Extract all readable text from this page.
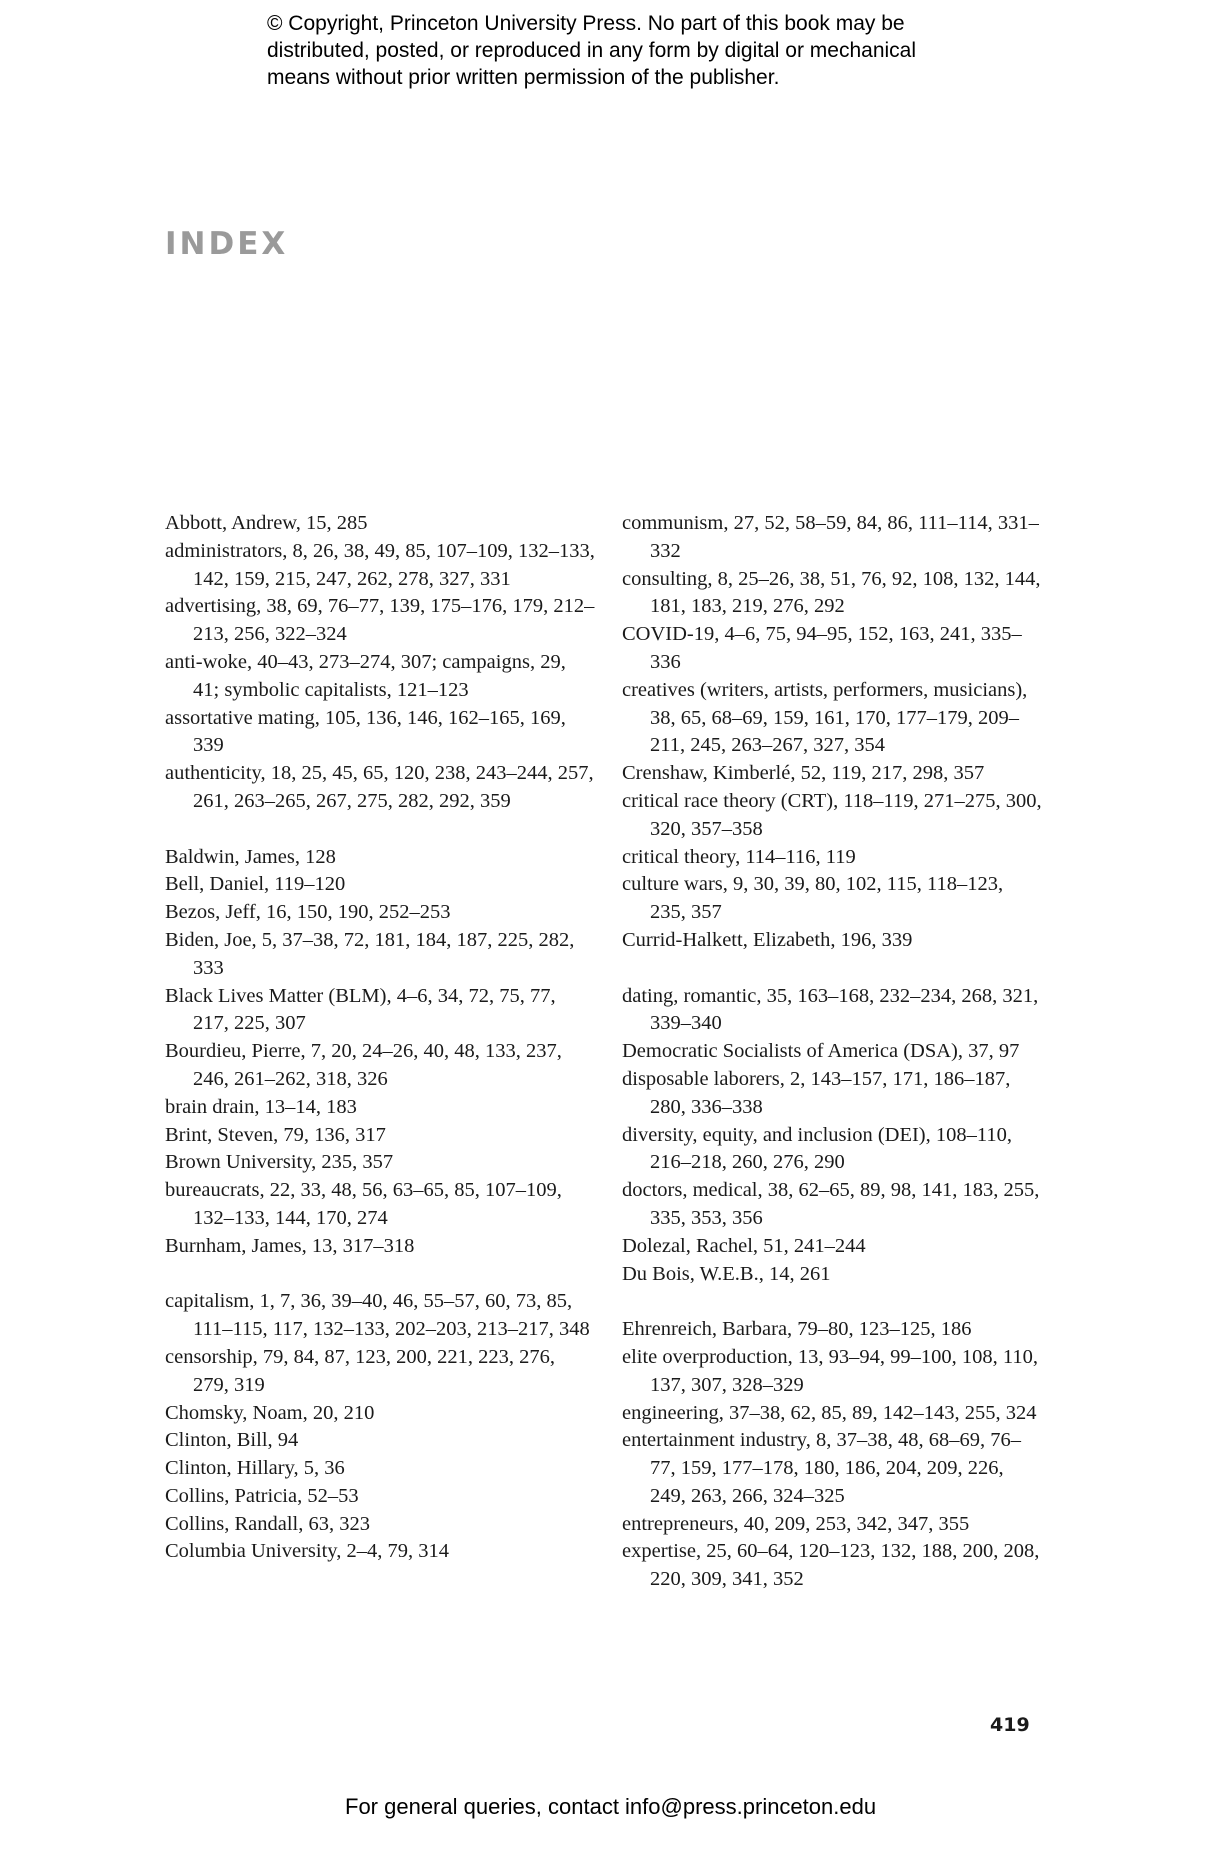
© Copyright, Princeton University Press. No part of this book may be
distributed, posted, or reproduced in any form by digital or mechanical
means without prior written permission of the publisher.
INDEX
Abbott, Andrew, 15, 285
administrators, 8, 26, 38, 49, 85, 107–109, 132–133, 142, 159, 215, 247, 262, 278, 327, 331
advertising, 38, 69, 76–77, 139, 175–176, 179, 212–213, 256, 322–324
anti-woke, 40–43, 273–274, 307; campaigns, 29, 41; symbolic capitalists, 121–123
assortative mating, 105, 136, 146, 162–165, 169, 339
authenticity, 18, 25, 45, 65, 120, 238, 243–244, 257, 261, 263–265, 267, 275, 282, 292, 359
Baldwin, James, 128
Bell, Daniel, 119–120
Bezos, Jeff, 16, 150, 190, 252–253
Biden, Joe, 5, 37–38, 72, 181, 184, 187, 225, 282, 333
Black Lives Matter (BLM), 4–6, 34, 72, 75, 77, 217, 225, 307
Bourdieu, Pierre, 7, 20, 24–26, 40, 48, 133, 237, 246, 261–262, 318, 326
brain drain, 13–14, 183
Brint, Steven, 79, 136, 317
Brown University, 235, 357
bureaucrats, 22, 33, 48, 56, 63–65, 85, 107–109, 132–133, 144, 170, 274
Burnham, James, 13, 317–318
capitalism, 1, 7, 36, 39–40, 46, 55–57, 60, 73, 85, 111–115, 117, 132–133, 202–203, 213–217, 348
censorship, 79, 84, 87, 123, 200, 221, 223, 276, 279, 319
Chomsky, Noam, 20, 210
Clinton, Bill, 94
Clinton, Hillary, 5, 36
Collins, Patricia, 52–53
Collins, Randall, 63, 323
Columbia University, 2–4, 79, 314
communism, 27, 52, 58–59, 84, 86, 111–114, 331–332
consulting, 8, 25–26, 38, 51, 76, 92, 108, 132, 144, 181, 183, 219, 276, 292
COVID-19, 4–6, 75, 94–95, 152, 163, 241, 335–336
creatives (writers, artists, performers, musicians), 38, 65, 68–69, 159, 161, 170, 177–179, 209–211, 245, 263–267, 327, 354
Crenshaw, Kimberlé, 52, 119, 217, 298, 357
critical race theory (CRT), 118–119, 271–275, 300, 320, 357–358
critical theory, 114–116, 119
culture wars, 9, 30, 39, 80, 102, 115, 118–123, 235, 357
Currid-Halkett, Elizabeth, 196, 339
dating, romantic, 35, 163–168, 232–234, 268, 321, 339–340
Democratic Socialists of America (DSA), 37, 97
disposable laborers, 2, 143–157, 171, 186–187, 280, 336–338
diversity, equity, and inclusion (DEI), 108–110, 216–218, 260, 276, 290
doctors, medical, 38, 62–65, 89, 98, 141, 183, 255, 335, 353, 356
Dolezal, Rachel, 51, 241–244
Du Bois, W.E.B., 14, 261
Ehrenreich, Barbara, 79–80, 123–125, 186
elite overproduction, 13, 93–94, 99–100, 108, 110, 137, 307, 328–329
engineering, 37–38, 62, 85, 89, 142–143, 255, 324
entertainment industry, 8, 37–38, 48, 68–69, 76–77, 159, 177–178, 180, 186, 204, 209, 226, 249, 263, 266, 324–325
entrepreneurs, 40, 209, 253, 342, 347, 355
expertise, 25, 60–64, 120–123, 132, 188, 200, 208, 220, 309, 341, 352
419
For general queries, contact info@press.princeton.edu
